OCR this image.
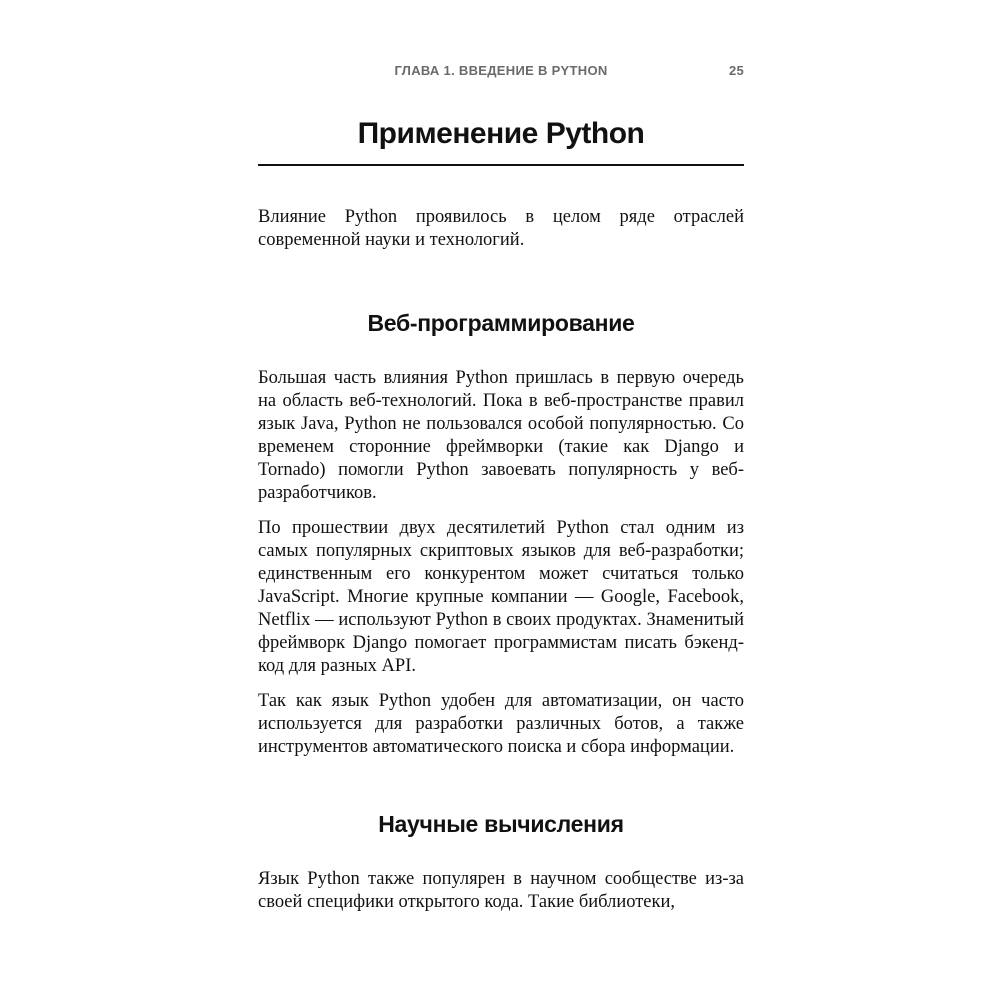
ГЛАВА 1. ВВЕДЕНИЕ В PYTHON	25
Применение Python

Влияние Python проявилось в целом ряде отраслей современной науки и технологий.

Веб-программирование

Большая часть влияния Python пришлась в первую очередь на область веб-технологий. Пока в веб-пространстве правил язык Java, Python не пользовался особой популярностью. Со временем сторонние фреймворки (такие как Django и Tornado) помогли Python завоевать популярность у веб-разработчиков.

По прошествии двух десятилетий Python стал одним из самых популярных скриптовых языков для веб-разработки; единственным его конкурентом может считаться только JavaScript. Многие крупные компании — Google, Facebook, Netflix — используют Python в своих продуктах. Знаменитый фреймворк Django помогает программистам писать бэкенд-код для разных API.

Так как язык Python удобен для автоматизации, он часто используется для разработки различных ботов, а также инструментов автоматического поиска и сбора информации.

Научные вычисления

Язык Python также популярен в научном сообществе из-за своей специфики открытого кода. Такие библиотеки,
